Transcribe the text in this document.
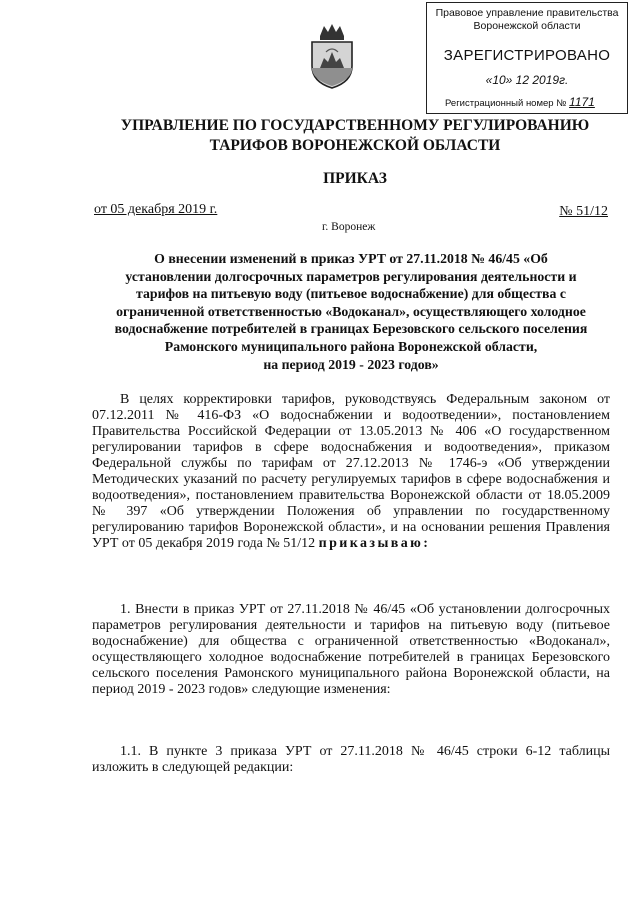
Правовое управление правительства
Воронежской области
ЗАРЕГИСТРИРОВАНО
«10» 12 2019г.
Регистрационный номер № 1171
УПРАВЛЕНИЕ ПО ГОСУДАРСТВЕННОМУ РЕГУЛИРОВАНИЮ
ТАРИФОВ ВОРОНЕЖСКОЙ ОБЛАСТИ
ПРИКАЗ
от 05 декабря 2019 г.	№ 51/12
г. Воронеж
О внесении изменений в приказ УРТ от 27.11.2018 № 46/45 «Об
установлении долгосрочных параметров регулирования деятельности и
тарифов на питьевую воду (питьевое водоснабжение) для общества с
ограниченной ответственностью «Водоканал», осуществляющего холодное
водоснабжение потребителей в границах Березовского сельского поселения
Рамонского муниципального района Воронежской области,
на период 2019 - 2023 годов»
В целях корректировки тарифов, руководствуясь Федеральным законом от 07.12.2011 № 416-ФЗ «О водоснабжении и водоотведении», постановлением Правительства Российской Федерации от 13.05.2013 № 406 «О государственном регулировании тарифов в сфере водоснабжения и водоотведения», приказом Федеральной службы по тарифам от 27.12.2013 № 1746-э «Об утверждении Методических указаний по расчету регулируемых тарифов в сфере водоснабжения и водоотведения», постановлением правительства Воронежской области от 18.05.2009 № 397 «Об утверждении Положения об управлении по государственному регулированию тарифов Воронежской области», и на основании решения Правления УРТ от 05 декабря 2019 года № 51/12 приказываю:
1. Внести в приказ УРТ от 27.11.2018 № 46/45 «Об установлении долгосрочных параметров регулирования деятельности и тарифов на питьевую воду (питьевое водоснабжение) для общества с ограниченной ответственностью «Водоканал», осуществляющего холодное водоснабжение потребителей в границах Березовского сельского поселения Рамонского муниципального района Воронежской области, на период 2019 - 2023 годов» следующие изменения:
1.1. В пункте 3 приказа УРТ от 27.11.2018 № 46/45 строки 6-12 таблицы изложить в следующей редакции:
